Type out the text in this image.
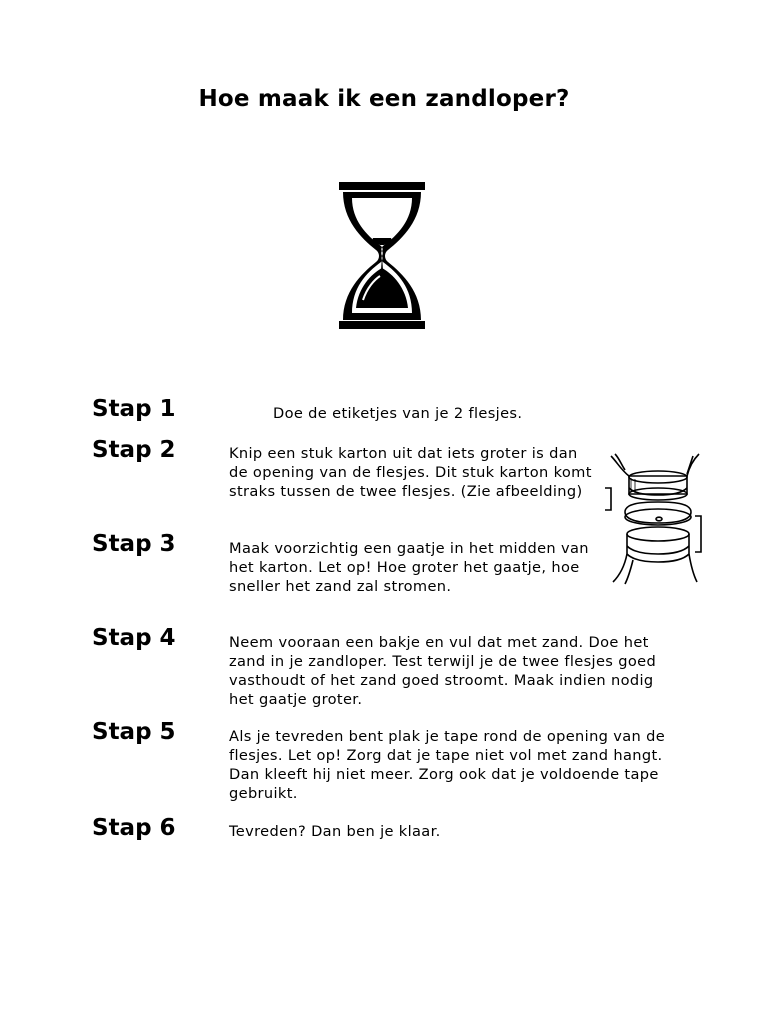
Hoe maak ik een zandloper?
Stap 1	Doe de etiketjes van je 2 flesjes.
Stap 2	Knip een stuk karton uit dat iets groter is dan de opening van de flesjes. Dit stuk karton komt straks tussen de twee flesjes. (Zie afbeelding)
Stap 3	Maak voorzichtig een gaatje in het midden van het karton. Let op! Hoe groter het gaatje, hoe sneller het zand zal stromen.
Stap 4	Neem vooraan een bakje en vul dat met zand. Doe het zand in je zandloper. Test terwijl je de twee flesjes goed vasthoudt of het zand goed stroomt. Maak indien nodig het gaatje groter.
Stap 5	Als je tevreden bent plak je tape rond de opening van de flesjes. Let op! Zorg dat je tape niet vol met zand hangt. Dan kleeft hij niet meer. Zorg ook dat je voldoende tape gebruikt.
Stap 6	Tevreden? Dan ben je klaar.
